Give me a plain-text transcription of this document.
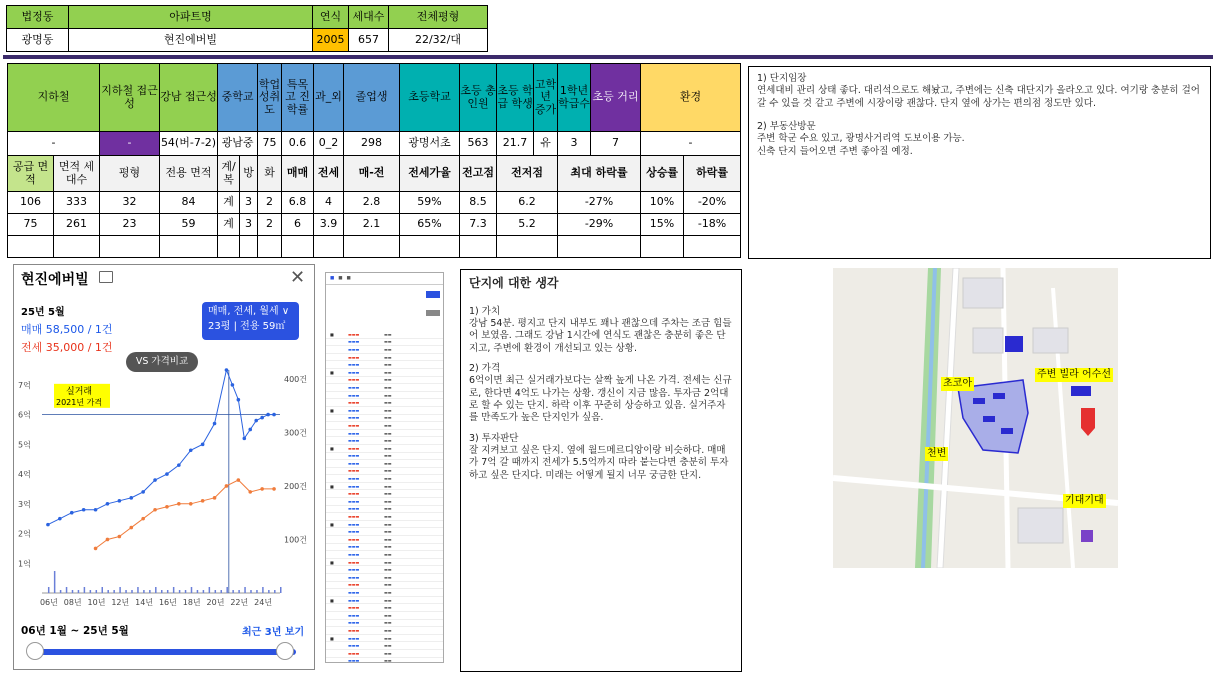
법정동	아파트명	연식	세대수	전체평형
광명동	현진에버빌	2005	657	22/32/대
지하철		지하철 접근성	강남 접근성	중학교		학업 성취도	특목고 진학률	과_외	졸업생	초등학교	초등 총인원	초등 학급 학생	고학년 증가	1학년 학급수	초등 거리	환경	
-		-	54(버-7-2)	광남중		75	0.6	0_2	298	광명서초	563	21.7	유	3	7	-	
공급 면적	면적 세대수	평형	전용 면적	계/복	방	화	매매	전세	매-전	전세가율	전고점	전저점		최대 하락률		상승률	하락률
106	333	32	84	계	3	2	6.8	4	2.8	59%	8.5	6.2		-27%		10%	-20%
75	261	23	59	계	3	2	6	3.9	2.1	65%	7.3	5.2		-29%		15%	-18%

1) 단지임장

연세대비 관리 상태 좋다. 대리석으로도 해놨고, 주변에는 신축 대단지가 올라오고 있다. 여기랑 충분히 걸어갈 수 있을 것 같고 주변에 시장이랑 괜찮다. 단지 옆에 상가는 편의점 정도만 있다.

2) 부동산방문

주변 학군 수요 있고, 광명사거리역 도보이용 가능.

신축 단지 들어오면 주변 좋아질 예정.

현진에버빌	✕
25년 5월
매매 58,500 / 1건
전세 35,000 / 1건
매매, 전세, 월세 ∨
23평 | 전용 59㎡
VS 가격비교
1억
2억
3억
4억
5억
6억
7억
100건
200건
300건
400건
06년 08년 10년 12년 14년 16년 18년 20년 22년 24년
실거래
2021년 가격
06년 1월 ~ 25년 5월	최근 3년 보기
■ ■ ■
■	▬▬▬	▬▬
▬▬▬	▬▬
▬▬▬	▬▬
▬▬▬	▬▬
▬▬▬	▬▬
■	▬▬▬	▬▬
▬▬▬	▬▬
▬▬▬	▬▬
▬▬▬	▬▬
▬▬▬	▬▬
■	▬▬▬	▬▬
▬▬▬	▬▬
▬▬▬	▬▬
▬▬▬	▬▬
▬▬▬	▬▬
■	▬▬▬	▬▬
▬▬▬	▬▬
▬▬▬	▬▬
▬▬▬	▬▬
▬▬▬	▬▬
■	▬▬▬	▬▬
▬▬▬	▬▬
▬▬▬	▬▬
▬▬▬	▬▬
▬▬▬	▬▬
■	▬▬▬	▬▬
▬▬▬	▬▬
▬▬▬	▬▬
▬▬▬	▬▬
▬▬▬	▬▬
■	▬▬▬	▬▬
▬▬▬	▬▬
▬▬▬	▬▬
▬▬▬	▬▬
▬▬▬	▬▬
■	▬▬▬	▬▬
▬▬▬	▬▬
▬▬▬	▬▬
▬▬▬	▬▬
▬▬▬	▬▬
■	▬▬▬	▬▬
▬▬▬	▬▬
▬▬▬	▬▬
▬▬▬	▬▬
단지에 대한 생각

1) 가치

강남 54분. 평지고 단지 내부도 꽤나 괜찮으데 주차는 조금 힘들어 보였음. 그래도 강남 1시간에 연식도 괜찮은 충분히 좋은 단지고, 주변에 환경이 개선되고 있는 상황.

2) 가격

6억이면 최근 실거래가보다는 살짝 높게 나온 가격. 전세는 신규로, 한다면 4억도 나가는 상황. 갱신이 지금 많음. 투자금 2억대로 할 수 있는 단지. 하락 이후 꾸준히 상승하고 있음. 실거주자를 만족도가 높은 단지인가 싶음.

3) 투자판단

잘 지켜보고 싶은 단지. 옆에 월드메르디앙이랑 비슷하다. 매매가 7억 갈 때까지 전세가 5.5억까지 따라 붙는다면 충분히 투자하고 싶은 단지다. 미래는 어떻게 될지 너무 궁금한 단지.

초코아
주변 빌라 어수선
천변
기대기대
